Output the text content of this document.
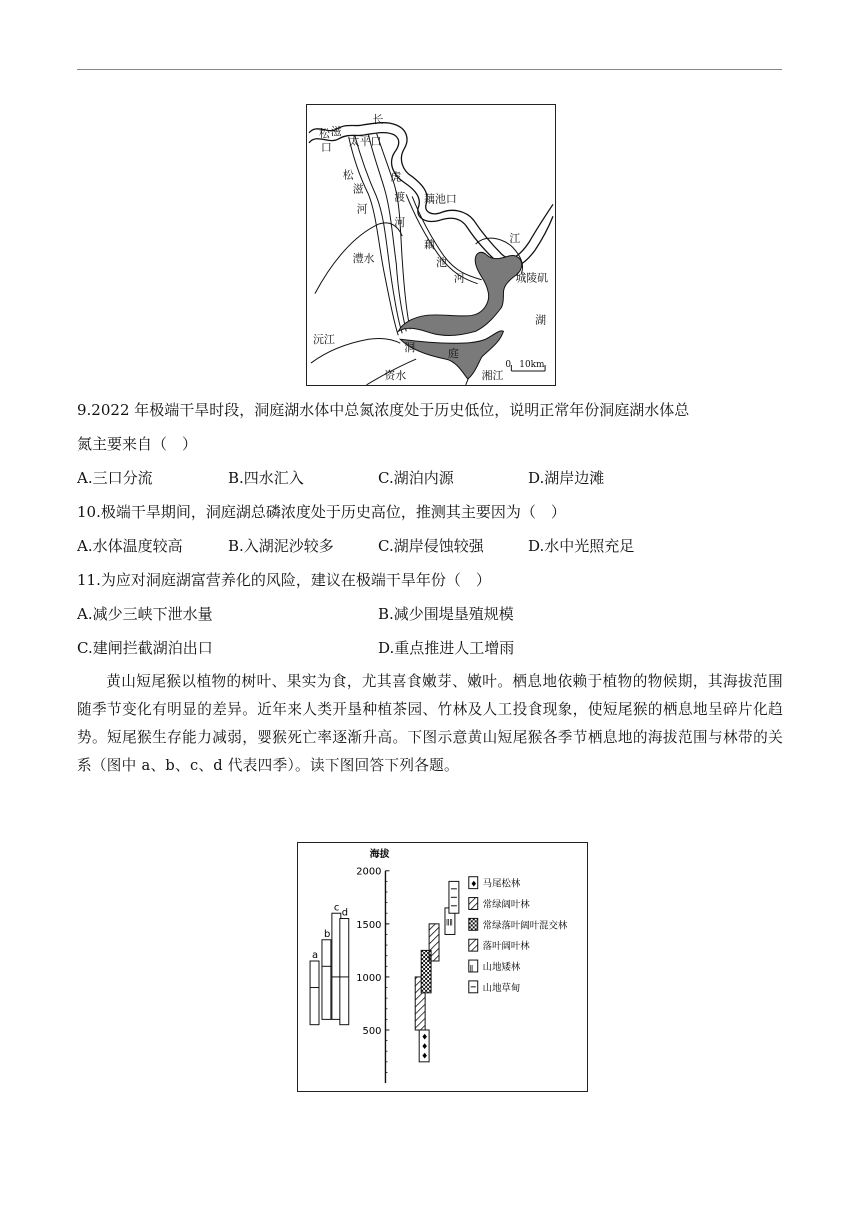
长
松 滋
口 太平口
松
滋
河
虎
渡
河
藕池口
藕
池
河
江
澧水
城陵矶
湖
沅江
洞	庭
资水	湘江
0 10km
9.2022 年极端干旱时段，洞庭湖水体中总氮浓度处于历史低位，说明正常年份洞庭湖水体总
氮主要来自（　）
A.三口分流	B.四水汇入	C.湖泊内源	D.湖岸边滩
10.极端干旱期间，洞庭湖总磷浓度处于历史高位，推测其主要因为（　）
A.水体温度较高	B.入湖泥沙较多	C.湖岸侵蚀较强	D.水中光照充足
11.为应对洞庭湖富营养化的风险，建议在极端干旱年份（　）
A.减少三峡下泄水量	B.减少围堤垦殖规模
C.建闸拦截湖泊出口	D.重点推进人工增雨

黄山短尾猴以植物的树叶、果实为食，尤其喜食嫩芽、嫩叶。栖息地依赖于植物的物候期，其海拔范围随季节变化有明显的差异。近年来人类开垦种植茶园、竹林及人工投食现象，使短尾猴的栖息地呈碎片化趋势。短尾猴生存能力减弱，婴猴死亡率逐渐升高。下图示意黄山短尾猴各季节栖息地的海拔范围与林带的关系（图中 a、b、c、d 代表四季）。读下图回答下列各题。

海拔
2000
1500
1000
500
a
b
c d
♦
♦
♦
ǁǁ
♦ 马尾松林
常绿阔叶林
常绿落叶阔叶混交林
落叶阔叶林
ǁ 山地矮林
山地草甸
